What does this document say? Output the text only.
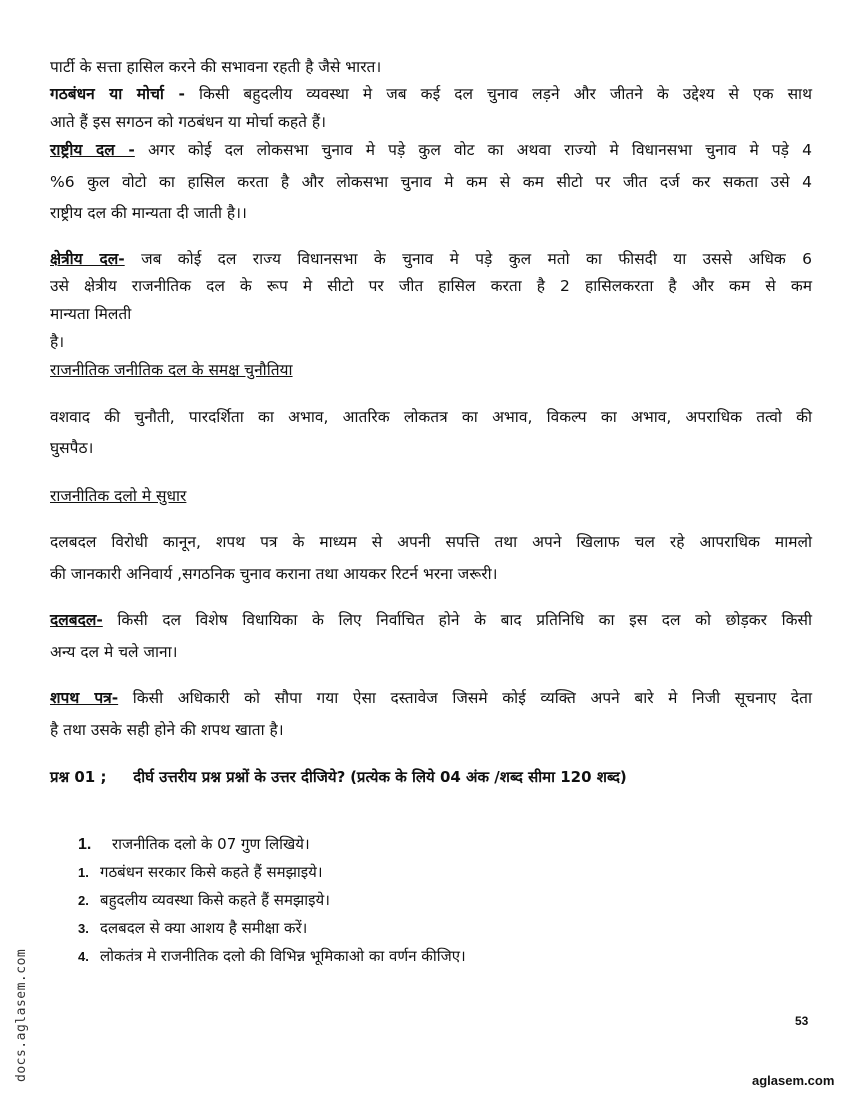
पार्टी के सत्ता हासिल करने की सभावना रहती है जैसे भारत।
गठबंधन या मोर्चा - किसी बहुदलीय व्यवस्था मे जब कई दल चुनाव लड़ने और जीतने के उद्देश्य से एक साथ
आते हैं इस सगठन को गठबंधन या मोर्चा कहते हैं।
राष्ट्रीय दल - अगर कोई दल लोकसभा चुनाव मे पड़े कुल वोट का अथवा राज्यो मे विधानसभा चुनाव मे पड़े 4
%6 कुल वोटो का हासिल करता है और लोकसभा चुनाव मे कम से कम सीटो पर जीत दर्ज कर सकता उसे 4
राष्ट्रीय दल की मान्यता दी जाती है।।
क्षेत्रीय दल- जब कोई दल राज्य विधानसभा के चुनाव मे पड़े कुल मतो का फीसदी या उससे अधिक 6
उसे क्षेत्रीय राजनीतिक दल के रूप मे सीटो पर जीत हासिल करता है 2 हासिलकरता है और कम से कम
मान्यता मिलती
है।
राजनीतिक जनीतिक दल के समक्ष चुनौतिया
वशवाद की चुनौती, पारदर्शिता का अभाव, आतरिक लोकतत्र का अभाव, विकल्प का अभाव, अपराधिक तत्वो की
घुसपैठ।
राजनीतिक दलो मे सुधार
दलबदल विरोधी कानून, शपथ पत्र के माध्यम से अपनी सपत्ति तथा अपने खिलाफ चल रहे आपराधिक मामलो
की जानकारी अनिवार्य ,सगठनिक चुनाव कराना तथा आयकर रिटर्न भरना जरूरी।
दलबदल- किसी दल विशेष विधायिका के लिए निर्वाचित होने के बाद प्रतिनिधि का इस दल को छोड़कर किसी
अन्य दल मे चले जाना।
शपथ पत्र- किसी अधिकारी को सौपा गया ऐसा दस्तावेज जिसमे कोई व्यक्ति अपने बारे मे निजी सूचनाए देता
है तथा उसके सही होने की शपथ खाता है।
प्रश्न 01 ; दीर्घ उत्तरीय प्रश्न प्रश्नों के उत्तर दीजिये? (प्रत्येक के लिये 04 अंक /शब्द सीमा 120 शब्द)
1. राजनीतिक दलो के 07 गुण लिखिये।
1. गठबंधन सरकार किसे कहते हैं समझाइये।
2. बहुदलीय व्यवस्था किसे कहते हैं समझाइये।
3. दलबदल से क्या आशय है समीक्षा करें।
4. लोकतंत्र मे राजनीतिक दलो की विभिन्न भूमिकाओ का वर्णन कीजिए।
53
aglasem.com
docs.aglasem.com
